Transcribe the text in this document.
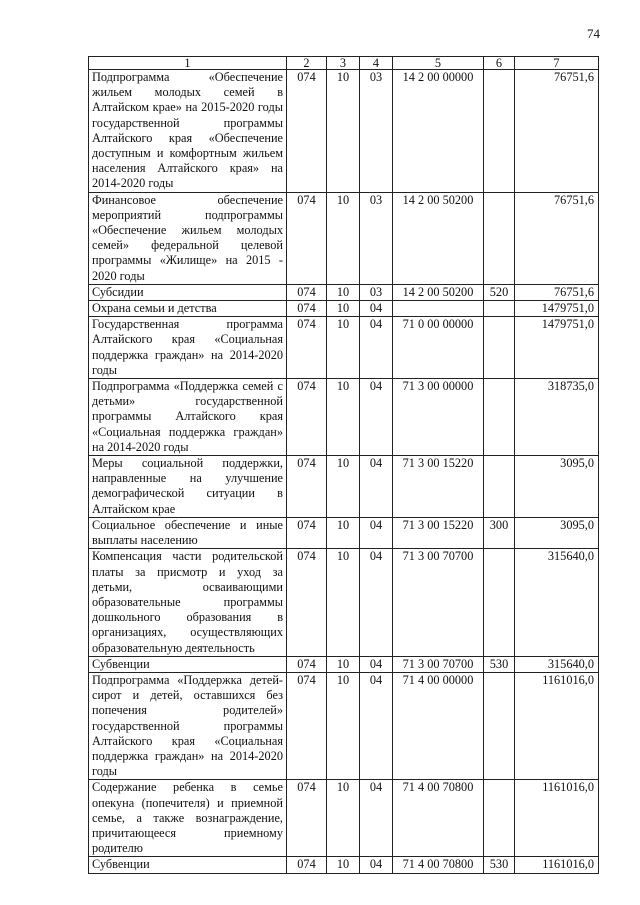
74
1	2	3	4	5	6	7
Подпрограмма «Обеспечение жильем молодых семей в Алтайском крае» на 2015-2020 годы государственной программы Алтайского края «Обеспечение доступным и комфортным жильем населения Алтайского края» на 2014-2020 годы	074	10	03	14 2 00 00000		76751,6
Финансовое обеспечение мероприятий подпрограммы «Обеспечение жильем молодых семей» федеральной целевой программы «Жилище» на 2015 - 2020 годы	074	10	03	14 2 00 50200		76751,6
Субсидии	074	10	03	14 2 00 50200	520	76751,6
Охрана семьи и детства	074	10	04			1479751,0
Государственная программа Алтайского края «Социальная поддержка граждан» на 2014-2020 годы	074	10	04	71 0 00 00000		1479751,0
Подпрограмма «Поддержка семей с детьми» государственной программы Алтайского края «Социальная поддержка граждан» на 2014-2020 годы	074	10	04	71 3 00 00000		318735,0
Меры социальной поддержки, направленные на улучшение демографической ситуации в Алтайском крае	074	10	04	71 3 00 15220		3095,0
Социальное обеспечение и иные выплаты населению	074	10	04	71 3 00 15220	300	3095,0
Компенсация части родительской платы за присмотр и уход за детьми, осваивающими образовательные программы дошкольного образования в организациях, осуществляющих образовательную деятельность	074	10	04	71 3 00 70700		315640,0
Субвенции	074	10	04	71 3 00 70700	530	315640,0
Подпрограмма «Поддержка детей-сирот и детей, оставшихся без попечения родителей» государственной программы Алтайского края «Социальная поддержка граждан» на 2014-2020 годы	074	10	04	71 4 00 00000		1161016,0
Содержание ребенка в семье опекуна (попечителя) и приемной семье, а также вознаграждение, причитающееся приемному родителю	074	10	04	71 4 00 70800		1161016,0
Субвенции	074	10	04	71 4 00 70800	530	1161016,0
